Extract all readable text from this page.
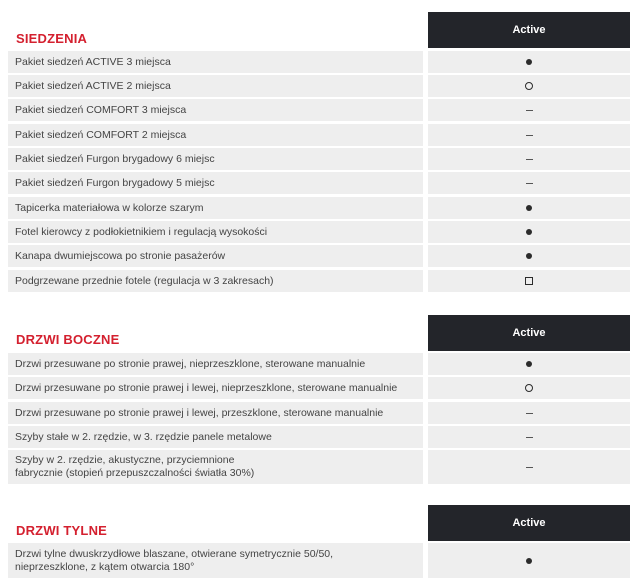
SIEDZENIA
Active
Pakiet siedzeń ACTIVE 3 miejsca
Pakiet siedzeń ACTIVE 2 miejsca
Pakiet siedzeń COMFORT 3 miejsca
Pakiet siedzeń COMFORT 2 miejsca
Pakiet siedzeń Furgon brygadowy 6 miejsc
Pakiet siedzeń Furgon brygadowy 5 miejsc
Tapicerka materiałowa w kolorze szarym
Fotel kierowcy z podłokietnikiem i regulacją wysokości
Kanapa dwumiejscowa po stronie pasażerów
Podgrzewane przednie fotele (regulacja w 3 zakresach)
DRZWI BOCZNE	Active
Drzwi przesuwane po stronie prawej, nieprzeszklone, sterowane manualnie
Drzwi przesuwane po stronie prawej i lewej, nieprzeszklone, sterowane manualnie
Drzwi przesuwane po stronie prawej i lewej, przeszklone, sterowane manualnie
Szyby stałe w 2. rzędzie, w 3. rzędzie panele metalowe
Szyby w 2. rzędzie, akustyczne, przyciemnione fabrycznie (stopień przepuszczalności światła 30%)
DRZWI TYLNE	Active
Drzwi tylne dwuskrzydłowe blaszane, otwierane symetrycznie 50/50, nieprzeszklone, z kątem otwarcia 180°
